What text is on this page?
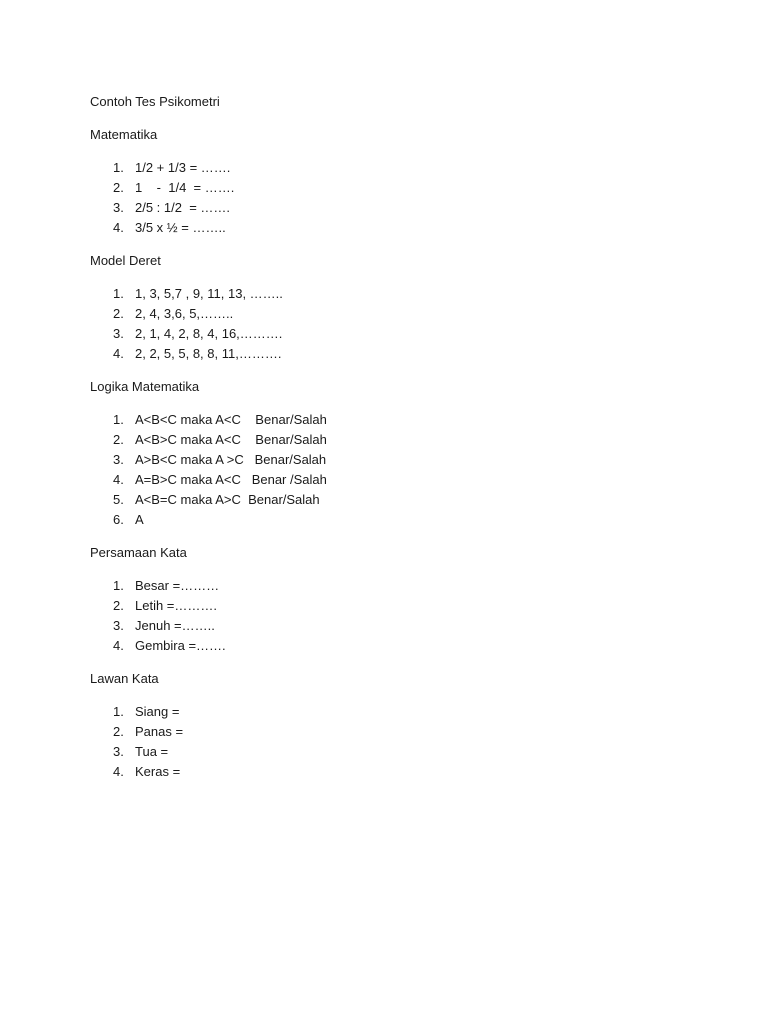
Contoh Tes Psikometri
Matematika
1. 1/2 + 1/3 = …….
2. 1    -  1/4  = …….
3. 2/5 : 1/2  = …….
4. 3/5 x ½ = ……..
Model Deret
1. 1, 3, 5,7 , 9, 11, 13, ……..
2. 2, 4, 3,6, 5,……..
3. 2, 1, 4, 2, 8, 4, 16,……….
4. 2, 2, 5, 5, 8, 8, 11,……….
Logika Matematika
1. A<B<C maka A<C    Benar/Salah
2. A<B>C maka A<C    Benar/Salah
3. A>B<C maka A >C   Benar/Salah
4. A=B>C maka A<C   Benar /Salah
5. A<B=C maka A>C  Benar/Salah
6. A
Persamaan Kata
1. Besar =………
2. Letih =……….
3. Jenuh =……..
4. Gembira =…….
Lawan Kata
1. Siang =
2. Panas =
3. Tua =
4. Keras =
